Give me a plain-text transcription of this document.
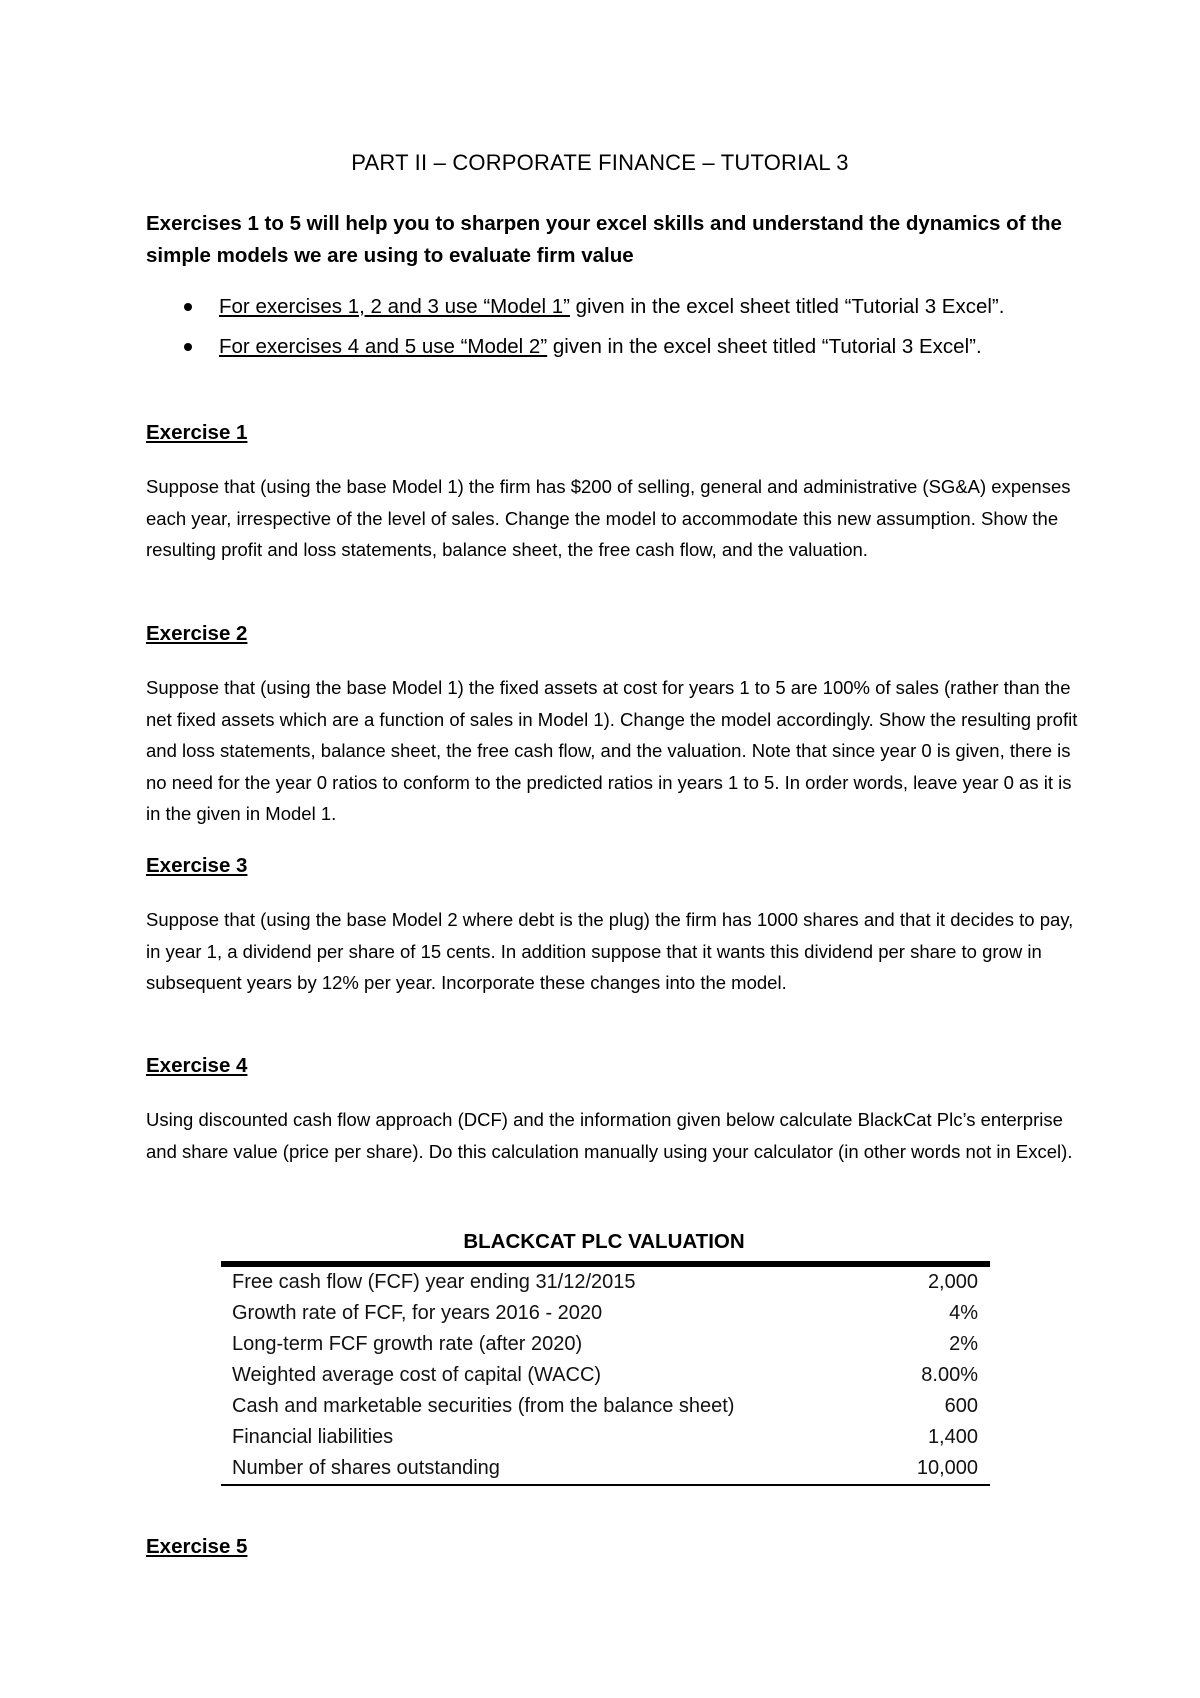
PART II – CORPORATE FINANCE – TUTORIAL 3
Exercises 1 to 5 will help you to sharpen your excel skills and understand the dynamics of the simple models we are using to evaluate firm value
For exercises 1, 2 and 3 use “Model 1” given in the excel sheet titled “Tutorial 3 Excel”.
For exercises 4 and 5 use “Model 2” given in the excel sheet titled “Tutorial 3 Excel”.
Exercise 1
Suppose that (using the base Model 1) the firm has $200 of selling, general and administrative (SG&A) expenses each year, irrespective of the level of sales. Change the model to accommodate this new assumption. Show the resulting profit and loss statements, balance sheet, the free cash flow, and the valuation.
Exercise 2
Suppose that (using the base Model 1) the fixed assets at cost for years 1 to 5 are 100% of sales (rather than the net fixed assets which are a function of sales in Model 1). Change the model accordingly. Show the resulting profit and loss statements, balance sheet, the free cash flow, and the valuation. Note that since year 0 is given, there is no need for the year 0 ratios to conform to the predicted ratios in years 1 to 5. In order words, leave year 0 as it is in the given in Model 1.
Exercise 3
Suppose that (using the base Model 2 where debt is the plug) the firm has 1000 shares and that it decides to pay, in year 1, a dividend per share of 15 cents. In addition suppose that it wants this dividend per share to grow in subsequent years by 12% per year. Incorporate these changes into the model.
Exercise 4
Using discounted cash flow approach (DCF) and the information given below calculate BlackCat Plc’s enterprise and share value (price per share). Do this calculation manually using your calculator (in other words not in Excel).
BLACKCAT PLC VALUATION
Free cash flow (FCF) year ending 31/12/2015	2,000
Growth rate of FCF, for years 2016 - 2020	4%
Long-term FCF growth rate (after 2020)	2%
Weighted average cost of capital (WACC)	8.00%
Cash and marketable securities (from the balance sheet)	600
Financial liabilities	1,400
Number of shares outstanding	10,000
Exercise 5
